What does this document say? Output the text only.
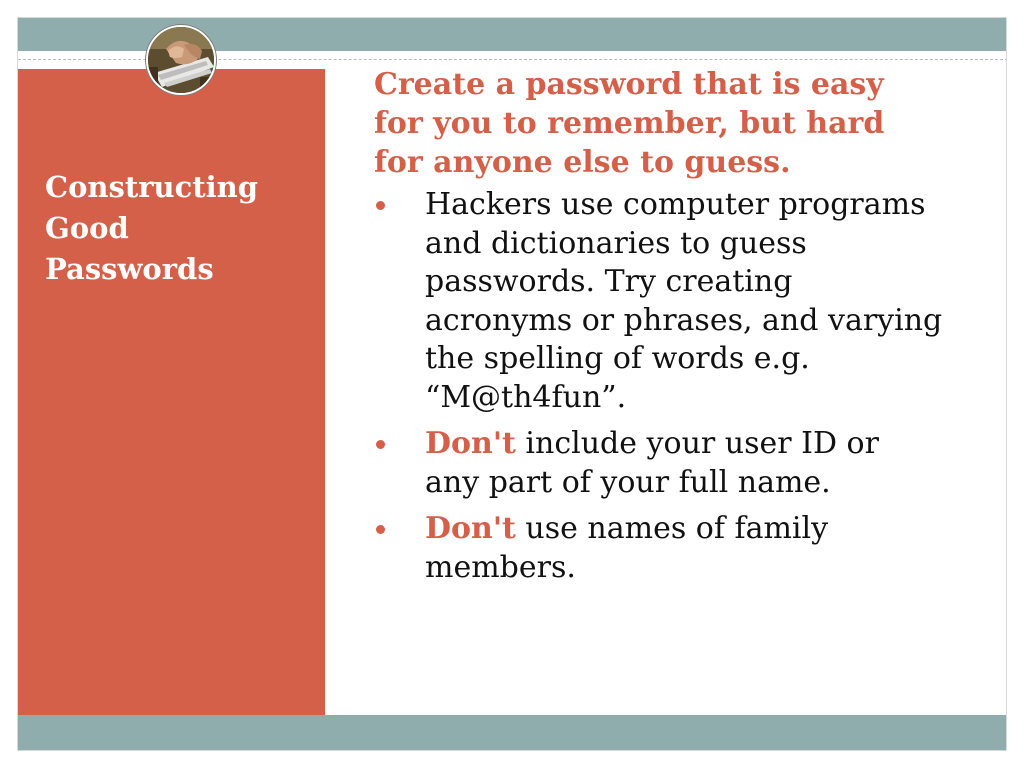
Constructing
Good
Passwords
Create a password that is easy
for you to remember, but hard
for anyone else to guess.
Hackers use computer programs
and dictionaries to guess
passwords. Try creating
acronyms or phrases, and varying
the spelling of words e.g.
“M@th4fun”.
Don't include your user ID or
any part of your full name.
Don't use names of family
members.
